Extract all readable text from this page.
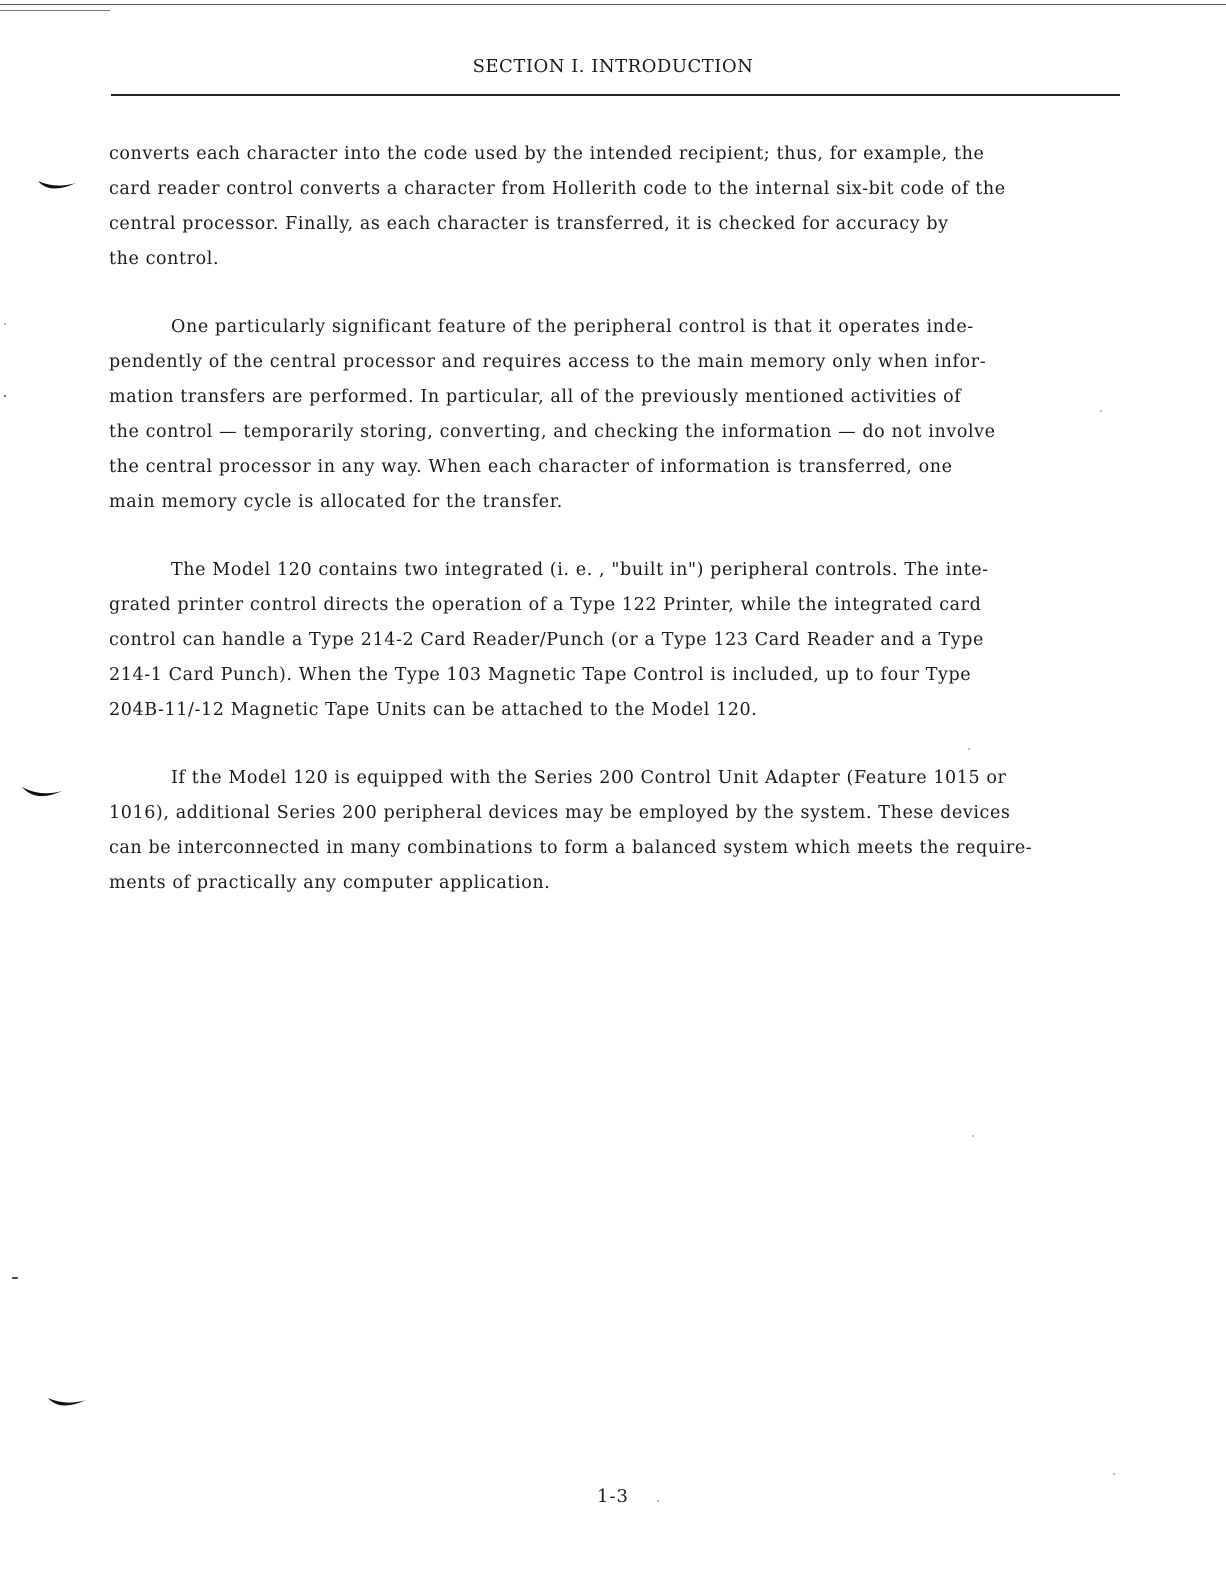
SECTION I. INTRODUCTION
converts each character into the code used by the intended recipient; thus, for example, the
card reader control converts a character from Hollerith code to the internal six-bit code of the
central processor. Finally, as each character is transferred, it is checked for accuracy by
the control.
One particularly significant feature of the peripheral control is that it operates inde-
pendently of the central processor and requires access to the main memory only when infor-
mation transfers are performed. In particular, all of the previously mentioned activities of
the control — temporarily storing, converting, and checking the information — do not involve
the central processor in any way. When each character of information is transferred, one
main memory cycle is allocated for the transfer.
The Model 120 contains two integrated (i. e. , "built in") peripheral controls. The inte-
grated printer control directs the operation of a Type 122 Printer, while the integrated card
control can handle a Type 214-2 Card Reader/Punch (or a Type 123 Card Reader and a Type
214-1 Card Punch). When the Type 103 Magnetic Tape Control is included, up to four Type
204B-11/-12 Magnetic Tape Units can be attached to the Model 120.
If the Model 120 is equipped with the Series 200 Control Unit Adapter (Feature 1015 or
1016), additional Series 200 peripheral devices may be employed by the system. These devices
can be interconnected in many combinations to form a balanced system which meets the require-
ments of practically any computer application.
1-3
